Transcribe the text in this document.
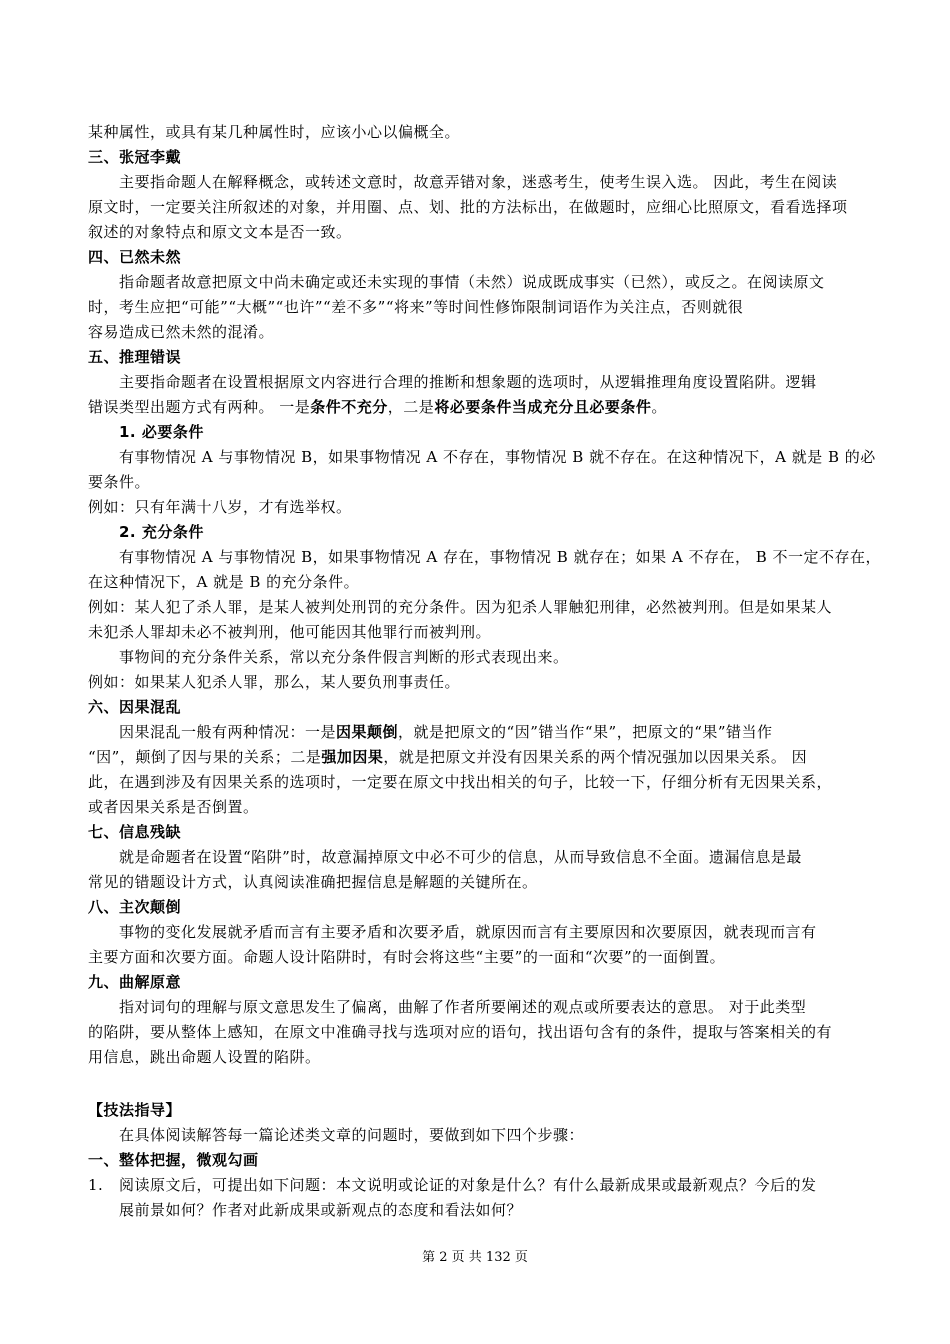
某种属性，或具有某几种属性时，应该小心以偏概全。

三、张冠李戴

主要指命题人在解释概念，或转述文意时，故意弄错对象，迷惑考生，使考生误入选。 因此，考生在阅读

原文时，一定要关注所叙述的对象，并用圈、点、划、批的方法标出，在做题时，应细心比照原文，看看选择项

叙述的对象特点和原文文本是否一致。

四、已然未然

指命题者故意把原文中尚未确定或还未实现的事情（未然）说成既成事实（已然），或反之。在阅读原文

时，考生应把“可能”“大概”“也许”“差不多”“将来”等时间性修饰限制词语作为关注点，否则就很

容易造成已然未然的混淆。

五、推理错误

主要指命题者在设置根据原文内容进行合理的推断和想象题的选项时，从逻辑推理角度设置陷阱。逻辑

错误类型出题方式有两种。 一是条件不充分，二是将必要条件当成充分且必要条件。

1. 必要条件

有事物情况 A 与事物情况 B，如果事物情况 A 不存在，事物情况 B 就不存在。在这种情况下，A 就是 B 的必

要条件。

例如：只有年满十八岁，才有选举权。

2. 充分条件

有事物情况 A 与事物情况 B，如果事物情况 A 存在，事物情况 B 就存在；如果 A 不存在， B 不一定不存在，

在这种情况下，A 就是 B 的充分条件。

例如：某人犯了杀人罪，是某人被判处刑罚的充分条件。因为犯杀人罪触犯刑律，必然被判刑。但是如果某人

未犯杀人罪却未必不被判刑，他可能因其他罪行而被判刑。

事物间的充分条件关系，常以充分条件假言判断的形式表现出来。

例如：如果某人犯杀人罪，那么，某人要负刑事责任。

六、因果混乱

因果混乱一般有两种情况：一是因果颠倒，就是把原文的“因”错当作“果”，把原文的“果”错当作

“因”，颠倒了因与果的关系；二是强加因果，就是把原文并没有因果关系的两个情况强加以因果关系。 因

此，在遇到涉及有因果关系的选项时，一定要在原文中找出相关的句子，比较一下，仔细分析有无因果关系，

或者因果关系是否倒置。

七、信息残缺

就是命题者在设置“陷阱”时，故意漏掉原文中必不可少的信息，从而导致信息不全面。遗漏信息是最

常见的错题设计方式，认真阅读准确把握信息是解题的关键所在。

八、主次颠倒

事物的变化发展就矛盾而言有主要矛盾和次要矛盾，就原因而言有主要原因和次要原因，就表现而言有

主要方面和次要方面。命题人设计陷阱时，有时会将这些“主要”的一面和“次要”的一面倒置。

九、曲解原意

指对词句的理解与原文意思发生了偏离，曲解了作者所要阐述的观点或所要表达的意思。 对于此类型

的陷阱，要从整体上感知，在原文中准确寻找与选项对应的语句，找出语句含有的条件，提取与答案相关的有

用信息，跳出命题人设置的陷阱。

【技法指导】

在具体阅读解答每一篇论述类文章的问题时，要做到如下四个步骤：

一、整体把握，微观勾画

1. 阅读原文后，可提出如下问题：本文说明或论证的对象是什么？有什么最新成果或最新观点？今后的发

展前景如何？作者对此新成果或新观点的态度和看法如何？

第 2 页 共 132 页
